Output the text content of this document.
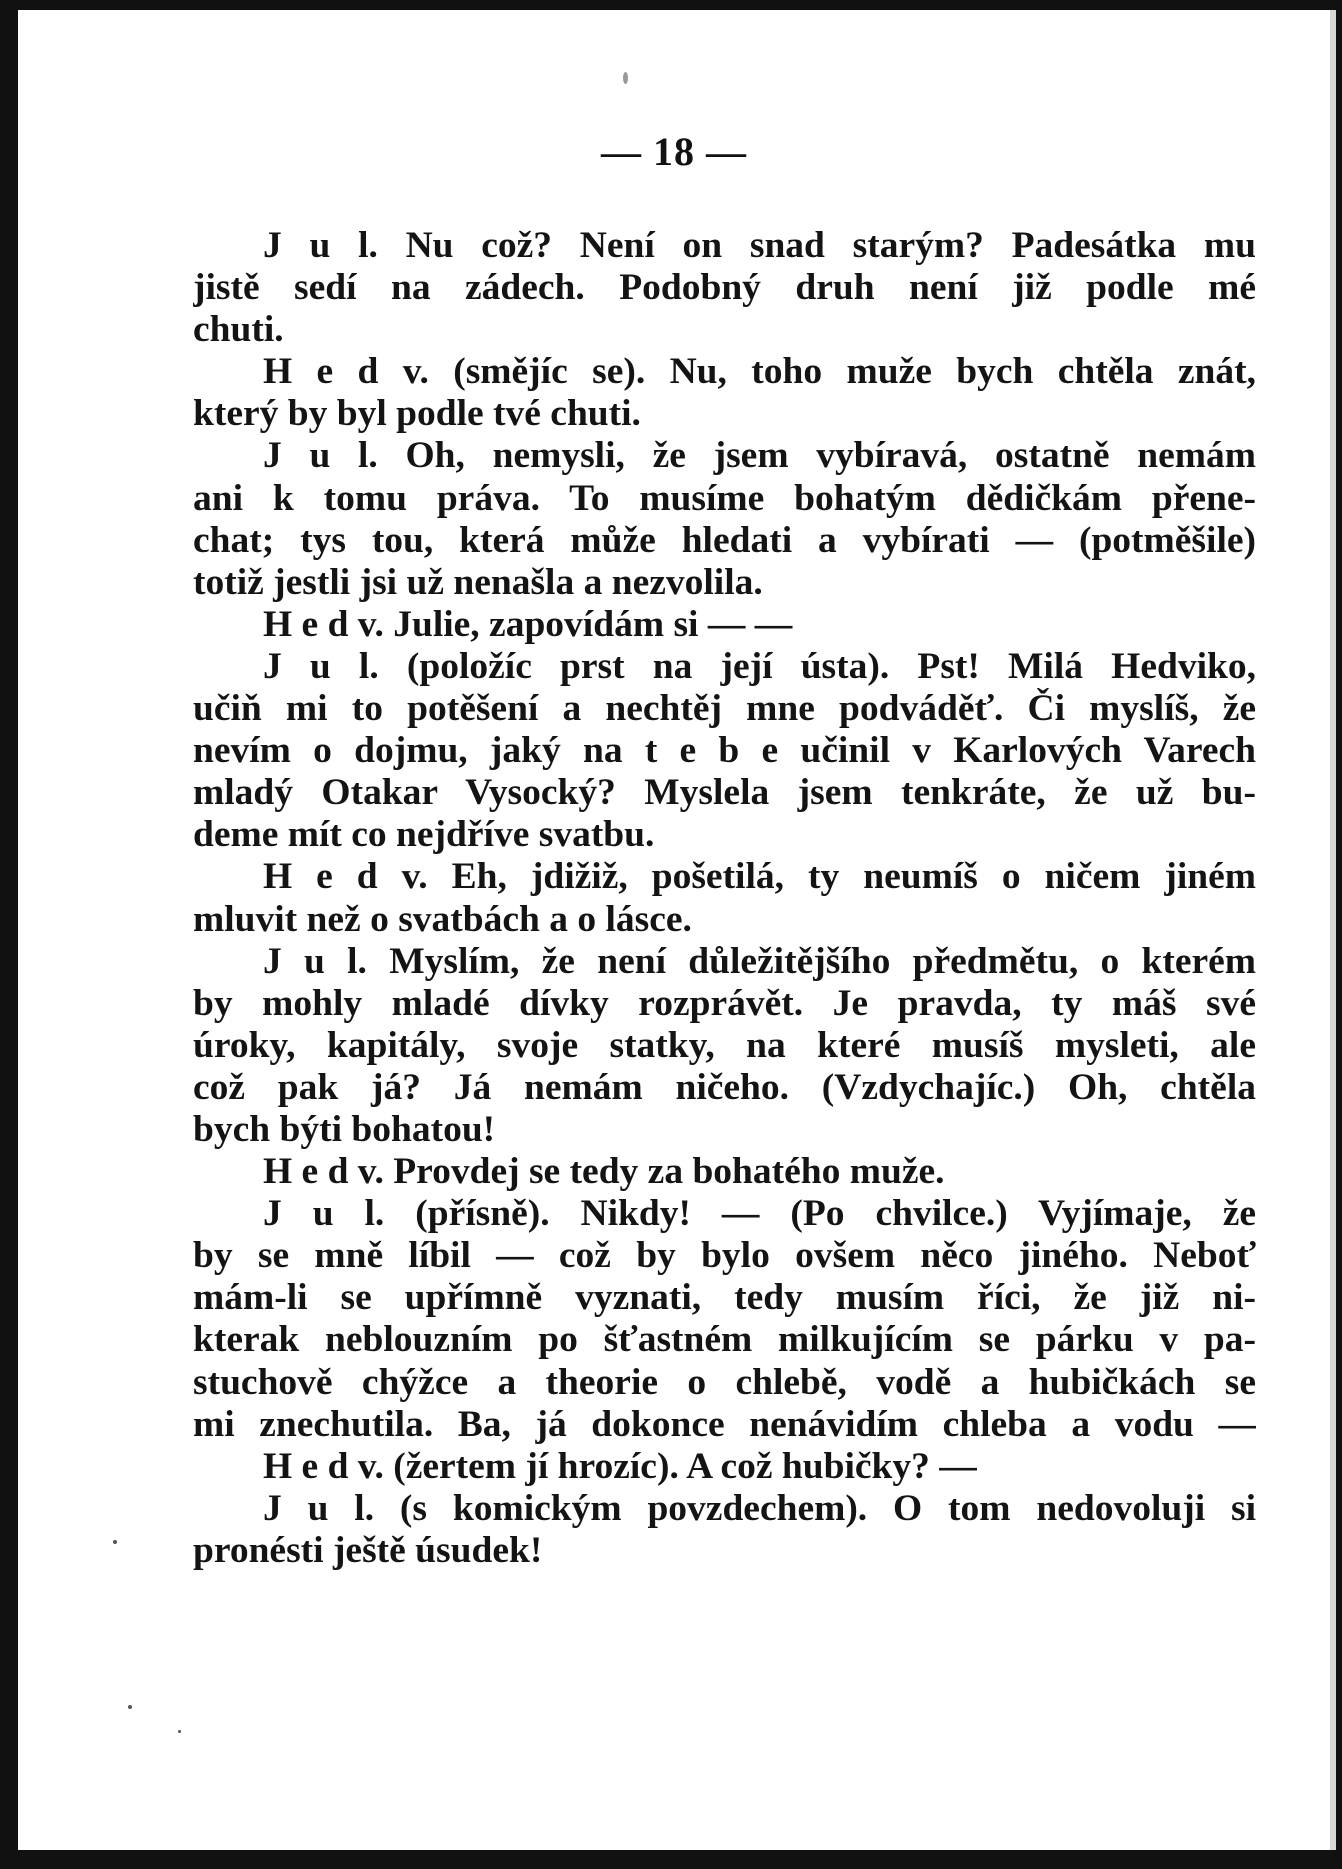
— 18 —
J u l. Nu což? Není on snad starým? Padesátka mu
jistě sedí na zádech. Podobný druh není již podle mé
chuti.
H e d v. (smějíc se). Nu, toho muže bych chtěla znát,
který by byl podle tvé chuti.
J u l. Oh, nemysli, že jsem vybíravá, ostatně nemám
ani k tomu práva. To musíme bohatým dědičkám přene-
chat; tys tou, která může hledati a vybírati — (potměšile)
totiž jestli jsi už nenašla a nezvolila.
H e d v. Julie, zapovídám si — —
J u l. (položíc prst na její ústa). Pst! Milá Hedviko,
učiň mi to potěšení a nechtěj mne podváděť. Či myslíš, že
nevím o dojmu, jaký na t e b e učinil v Karlových Varech
mladý Otakar Vysocký? Myslela jsem tenkráte, že už bu-
deme mít co nejdříve svatbu.
H e d v. Eh, jdižiž, pošetilá, ty neumíš o ničem jiném
mluvit než o svatbách a o lásce.
J u l. Myslím, že není důležitějšího předmětu, o kterém
by mohly mladé dívky rozprávět. Je pravda, ty máš své
úroky, kapitály, svoje statky, na které musíš mysleti, ale
což pak já? Já nemám ničeho. (Vzdychajíc.) Oh, chtěla
bych býti bohatou!
H e d v. Provdej se tedy za bohatého muže.
J u l. (přísně). Nikdy! — (Po chvilce.) Vyjímaje, že
by se mně líbil — což by bylo ovšem něco jiného. Neboť
mám-li se upřímně vyznati, tedy musím říci, že již ni-
kterak neblouzním po šťastném milkujícím se párku v pa-
stuchově chýžce a theorie o chlebě, vodě a hubičkách se
mi znechutila. Ba, já dokonce nenávidím chleba a vodu —
H e d v. (žertem jí hrozíc). A což hubičky? —
J u l. (s komickým povzdechem). O tom nedovoluji si
pronésti ještě úsudek!
